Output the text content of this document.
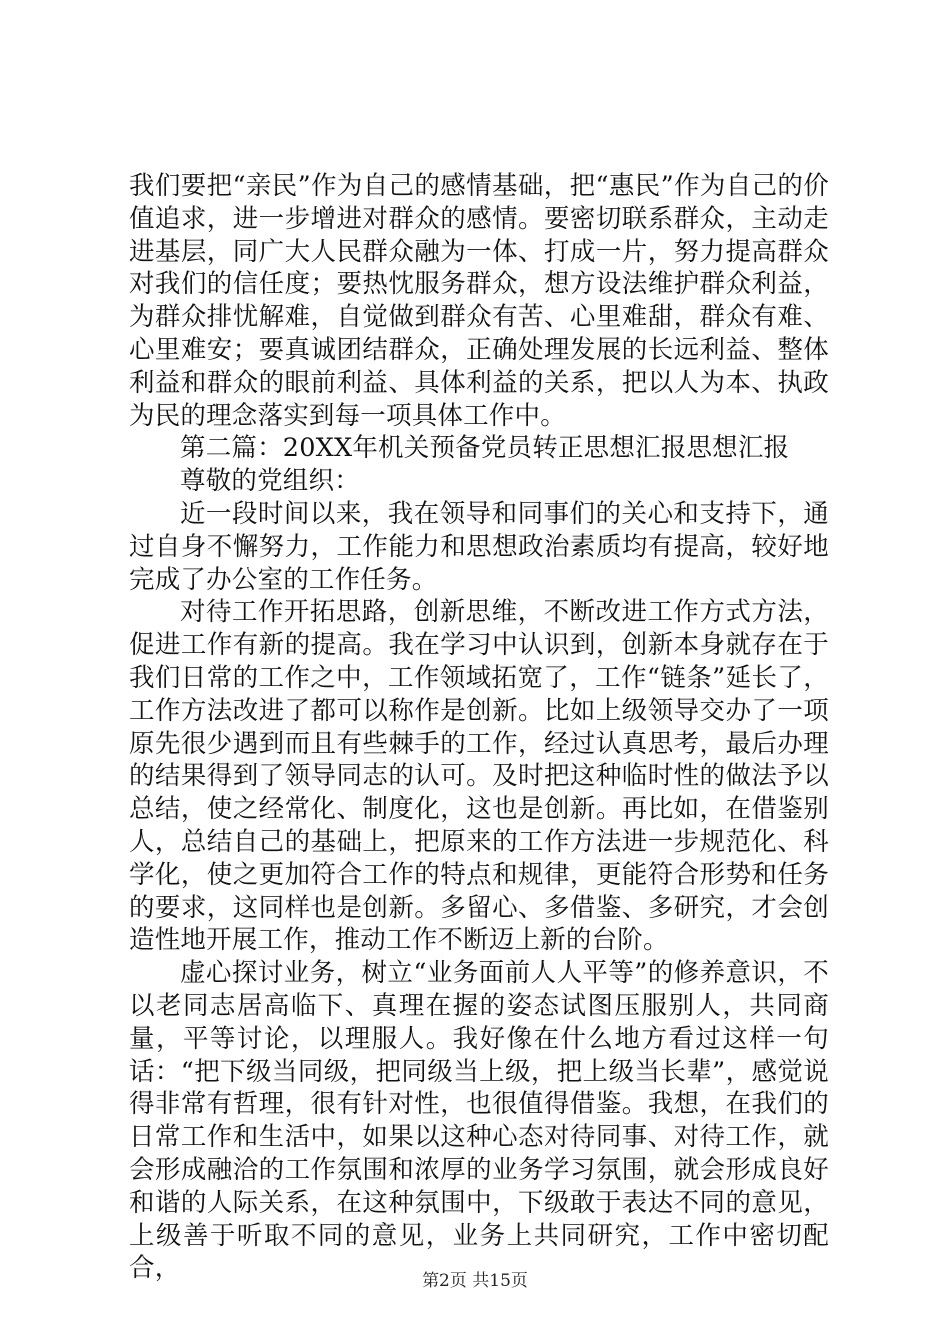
我们要把“亲民”作为自己的感情基础，把“惠民”作为自己的价值追求，进一步增进对群众的感情。要密切联系群众，主动走进基层，同广大人民群众融为一体、打成一片，努力提高群众对我们的信任度；要热忱服务群众，想方设法维护群众利益，为群众排忧解难，自觉做到群众有苦、心里难甜，群众有难、心里难安；要真诚团结群众，正确处理发展的长远利益、整体利益和群众的眼前利益、具体利益的关系，把以人为本、执政为民的理念落实到每一项具体工作中。

第二篇：20XX年机关预备党员转正思想汇报思想汇报

尊敬的党组织：

近一段时间以来，我在领导和同事们的关心和支持下，通过自身不懈努力，工作能力和思想政治素质均有提高，较好地完成了办公室的工作任务。

对待工作开拓思路，创新思维，不断改进工作方式方法，促进工作有新的提高。我在学习中认识到，创新本身就存在于我们日常的工作之中，工作领域拓宽了，工作“链条”延长了，工作方法改进了都可以称作是创新。比如上级领导交办了一项原先很少遇到而且有些棘手的工作，经过认真思考，最后办理的结果得到了领导同志的认可。及时把这种临时性的做法予以总结，使之经常化、制度化，这也是创新。再比如，在借鉴别人，总结自己的基础上，把原来的工作方法进一步规范化、科学化，使之更加符合工作的特点和规律，更能符合形势和任务的要求，这同样也是创新。多留心、多借鉴、多研究，才会创造性地开展工作，推动工作不断迈上新的台阶。

虚心探讨业务，树立“业务面前人人平等”的修养意识，不以老同志居高临下、真理在握的姿态试图压服别人，共同商量，平等讨论，以理服人。我好像在什么地方看过这样一句话：“把下级当同级，把同级当上级，把上级当长辈”，感觉说得非常有哲理，很有针对性，也很值得借鉴。我想，在我们的日常工作和生活中，如果以这种心态对待同事、对待工作，就会形成融洽的工作氛围和浓厚的业务学习氛围，就会形成良好和谐的人际关系，在这种氛围中，下级敢于表达不同的意见，上级善于听取不同的意见，业务上共同研究，工作中密切配合，	第2页 共15页
